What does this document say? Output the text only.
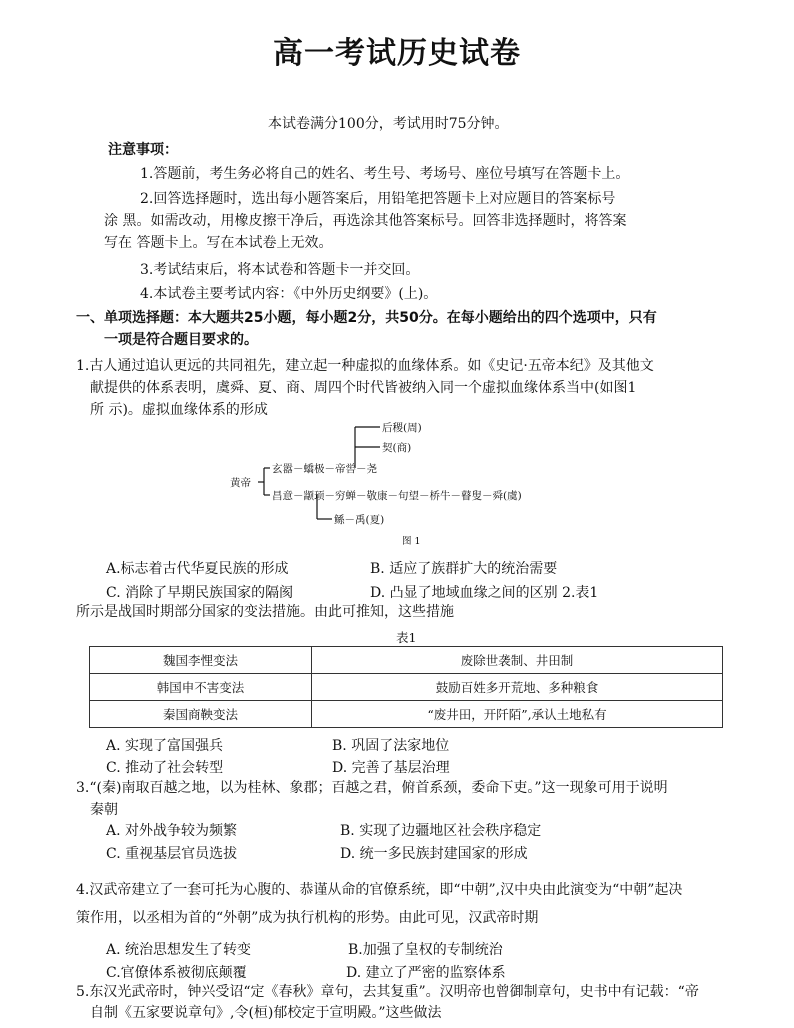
高一考试历史试卷
本试卷满分100分，考试用时75分钟。
注意事项：
1.答题前，考生务必将自己的姓名、考生号、考场号、座位号填写在答题卡上。
2.回答选择题时，选出每小题答案后，用铅笔把答题卡上对应题目的答案标号
涂 黑。如需改动，用橡皮擦干净后，再选涂其他答案标号。回答非选择题时，将答案
写在 答题卡上。写在本试卷上无效。
3.考试结束后，将本试卷和答题卡一并交回。
4.本试卷主要考试内容：《中外历史纲要》(上)。
一、单项选择题：本大题共25小题，每小题2分，共50分。在每小题给出的四个选项中，只有
一项是符合题目要求的。
1.古人通过追认更远的共同祖先，建立起一种虚拟的血缘体系。如《史记·五帝本纪》及其他文
献提供的体系表明，虞舜、夏、商、周四个时代皆被纳入同一个虚拟血缘体系当中(如图1
所 示)。虚拟血缘体系的形成
黄帝
玄嚣－蟜极－帝喾－尧
昌意－颛顼－穷蝉－敬康－句望－桥牛－瞽叟－舜(虞)
后稷(周)
契(商)
鲧－禹(夏)
图 1
A.标志着古代华夏民族的形成	B. 适应了族群扩大的统治需要
C. 消除了早期民族国家的隔阂	D. 凸显了地域血缘之间的区别 2.表1
所示是战国时期部分国家的变法措施。由此可推知，这些措施
表1
魏国李悝变法	废除世袭制、井田制
韩国申不害变法	鼓励百姓多开荒地、多种粮食
秦国商鞅变法	“废井田，开阡陌”,承认土地私有
A. 实现了富国强兵	B. 巩固了法家地位
C. 推动了社会转型	D. 完善了基层治理
3.“(秦)南取百越之地，以为桂林、象郡；百越之君，俯首系颈，委命下吏。”这一现象可用于说明
秦朝
A. 对外战争较为频繁	B. 实现了边疆地区社会秩序稳定
C. 重视基层官员选拔	D. 统一多民族封建国家的形成
4.汉武帝建立了一套可托为心腹的、恭谨从命的官僚系统，即“中朝”,汉中央由此演变为“中朝”起决
策作用，以丞相为首的“外朝”成为执行机构的形势。由此可见，汉武帝时期
A. 统治思想发生了转变	B.加强了皇权的专制统治
C.官僚体系被彻底颠覆	D. 建立了严密的监察体系
5.东汉光武帝时，钟兴受诏“定《春秋》章句，去其复重”。汉明帝也曾御制章句，史书中有记载：“帝
自制《五家要说章句》,令(桓)郁校定于宣明殿。”这些做法
